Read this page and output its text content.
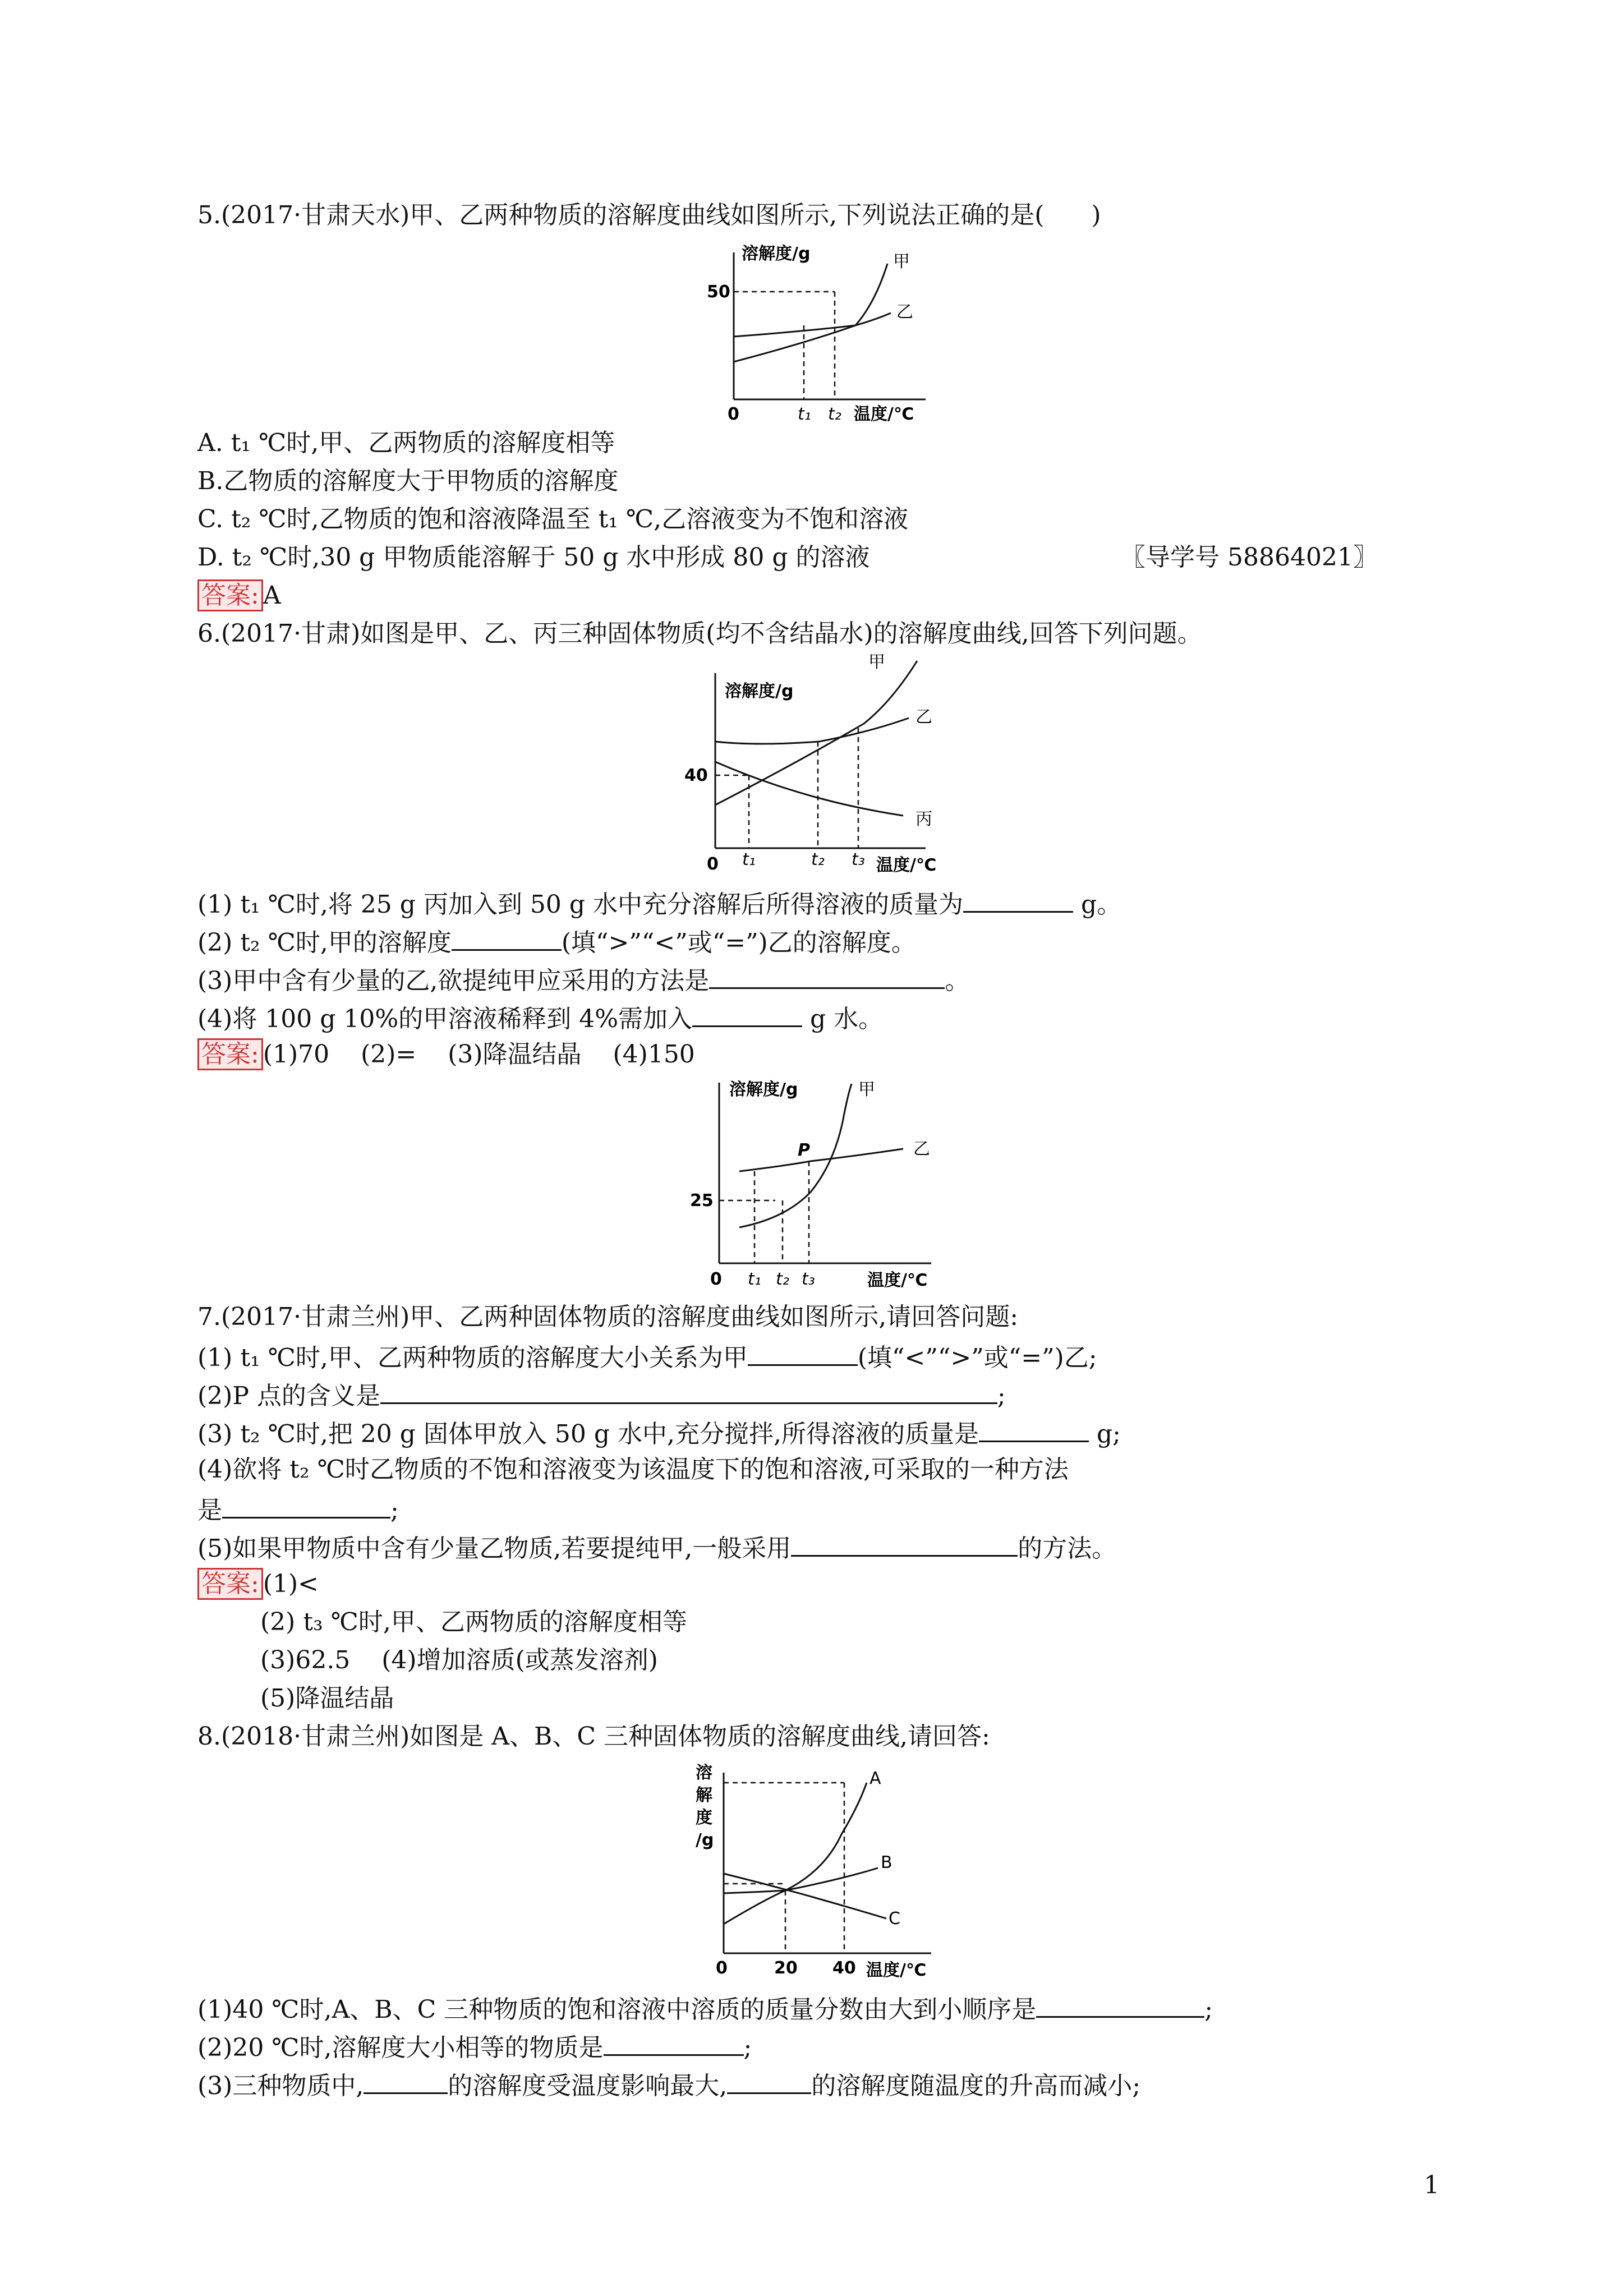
5.(2017·甘肃天水)甲、乙两种物质的溶解度曲线如图所示,下列说法正确的是(      )
溶解度/g
50
0	t₁ t₂ 温度/℃
甲
乙
A. t₁ ℃时,甲、乙两物质的溶解度相等
B.乙物质的溶解度大于甲物质的溶解度
C. t₂ ℃时,乙物质的饱和溶液降温至 t₁ ℃,乙溶液变为不饱和溶液
D. t₂ ℃时,30 g 甲物质能溶解于 50 g 水中形成 80 g 的溶液	〖导学号 58864021〗
答案: A
6.(2017·甘肃)如图是甲、乙、丙三种固体物质(均不含结晶水)的溶解度曲线,回答下列问题。
溶解度/g
40
0 t₁	t₂ t₃ 温度/℃
甲
乙
丙
(1) t₁ ℃时,将 25 g 丙加入到 50 g 水中充分溶解后所得溶液的质量为	g。
(2) t₂ ℃时,甲的溶解度	(填“>”“<”或“=”)乙的溶解度。
(3)甲中含有少量的乙,欲提纯甲应采用的方法是	。
(4)将 100 g 10%的甲溶液稀释到 4%需加入	g 水。
答案: (1)70    (2)=    (3)降温结晶    (4)150
溶解度/g
25
0 t₁ t₂ t₃	温度/℃
P
甲
乙
7.(2017·甘肃兰州)甲、乙两种固体物质的溶解度曲线如图所示,请回答问题:
(1) t₁ ℃时,甲、乙两种物质的溶解度大小关系为甲	(填“<”“>”或“=”)乙;
(2)P 点的含义是	;
(3) t₂ ℃时,把 20 g 固体甲放入 50 g 水中,充分搅拌,所得溶液的质量是	g;
(4)欲将 t₂ ℃时乙物质的不饱和溶液变为该温度下的饱和溶液,可采取的一种方法
是	;
(5)如果甲物质中含有少量乙物质,若要提纯甲,一般采用	的方法。
答案: (1)<
(2) t₃ ℃时,甲、乙两物质的溶解度相等
(3)62.5    (4)增加溶质(或蒸发溶剂)
(5)降温结晶
8.(2018·甘肃兰州)如图是 A、B、C 三种固体物质的溶解度曲线,请回答:
溶
解
度
/g
0	20 40 温度/℃
A
B
C
(1)40 ℃时,A、B、C 三种物质的饱和溶液中溶质的质量分数由大到小顺序是	;
(2)20 ℃时,溶解度大小相等的物质是	;
(3)三种物质中,	的溶解度受温度影响最大,	的溶解度随温度的升高而减小;
1
